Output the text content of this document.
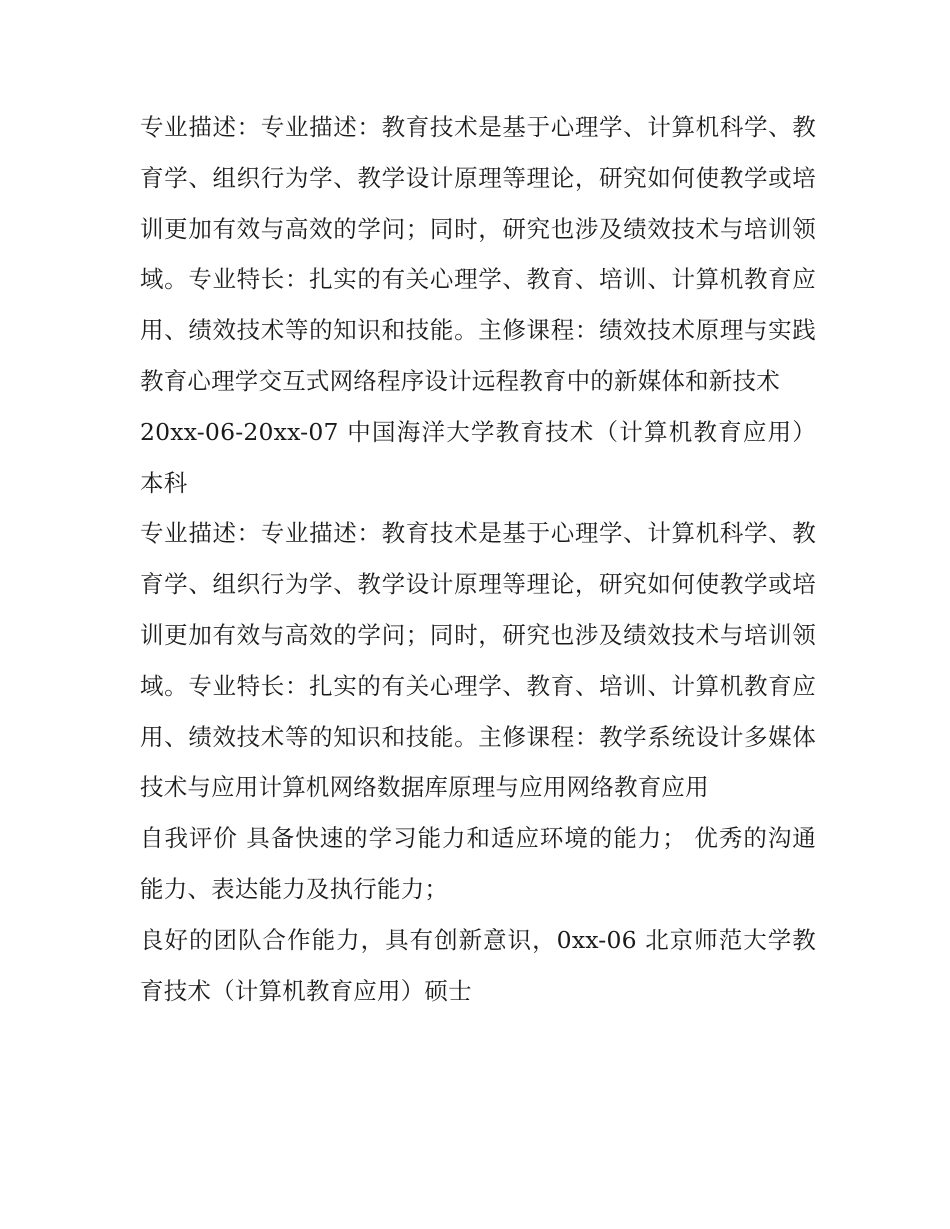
专业描述：专业描述：教育技术是基于心理学、计算机科学、教育学、组织行为学、教学设计原理等理论，研究如何使教学或培训更加有效与高效的学问；同时，研究也涉及绩效技术与培训领域。专业特长：扎实的有关心理学、教育、培训、计算机教育应用、绩效技术等的知识和技能。主修课程：绩效技术原理与实践教育心理学交互式网络程序设计远程教育中的新媒体和新技术

20xx-06-20xx-07 中国海洋大学教育技术（计算机教育应用）本科

专业描述：专业描述：教育技术是基于心理学、计算机科学、教育学、组织行为学、教学设计原理等理论，研究如何使教学或培训更加有效与高效的学问；同时，研究也涉及绩效技术与培训领域。专业特长：扎实的有关心理学、教育、培训、计算机教育应用、绩效技术等的知识和技能。主修课程：教学系统设计多媒体技术与应用计算机网络数据库原理与应用网络教育应用

自我评价 具备快速的学习能力和适应环境的能力； 优秀的沟通能力、表达能力及执行能力；

良好的团队合作能力，具有创新意识，0xx-06 北京师范大学教育技术（计算机教育应用）硕士
